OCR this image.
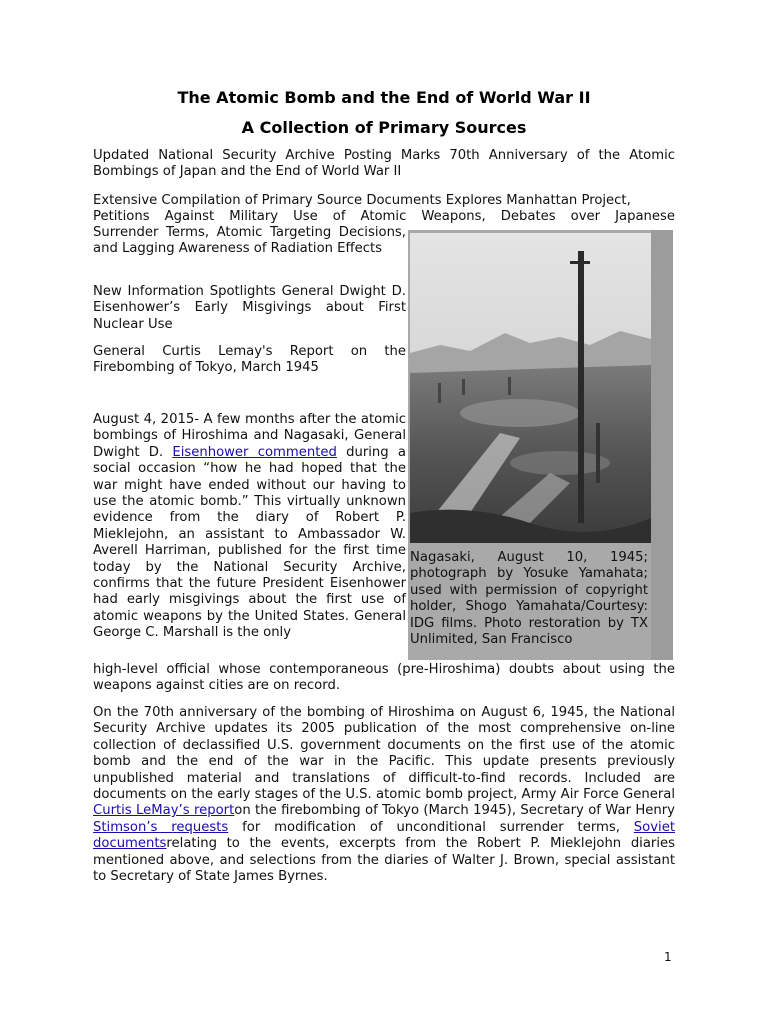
The Atomic Bomb and the End of World War II
A Collection of Primary Sources

Updated National Security Archive Posting Marks 70th Anniversary of the Atomic Bombings of Japan and the End of World War II

Extensive Compilation of Primary Source Documents Explores Manhattan Project,

Petitions Against Military Use of Atomic Weapons, Debates over Japanese

Surrender Terms, Atomic Targeting Decisions, and Lagging Awareness of Radiation Effects

New Information Spotlights General Dwight D. Eisenhower’s Early Misgivings about First Nuclear Use

General Curtis Lemay's Report on the Firebombing of Tokyo, March 1945

August 4, 2015- A few months after the atomic bombings of Hiroshima and Nagasaki, General Dwight D. Eisenhower commented during a social occasion “how he had hoped that the war might have ended without our having to use the atomic bomb.” This virtually unknown evidence from the diary of Robert P. Mieklejohn, an assistant to Ambassador W. Averell Harriman, published for the first time today by the National Security Archive, confirms that the future President Eisenhower had early misgivings about the first use of atomic weapons by the United States. General George C. Marshall is the only

high-level official whose contemporaneous (pre-Hiroshima) doubts about using the weapons against cities are on record.

On the 70th anniversary of the bombing of Hiroshima on August 6, 1945, the National Security Archive updates its 2005 publication of the most comprehensive on-line collection of declassified U.S. government documents on the first use of the atomic bomb and the end of the war in the Pacific. This update presents previously unpublished material and translations of difficult-to-find records. Included are documents on the early stages of the U.S. atomic bomb project, Army Air Force General Curtis LeMay’s reporton the firebombing of Tokyo (March 1945), Secretary of War Henry Stimson’s requests for modification of unconditional surrender terms, Soviet documentsrelating to the events, excerpts from the Robert P. Mieklejohn diaries mentioned above, and selections from the diaries of Walter J. Brown, special assistant to Secretary of State James Byrnes.

Nagasaki, August 10, 1945; photograph by Yosuke Yamahata; used with permission of copyright holder, Shogo Yamahata/Courtesy: IDG films. Photo restoration by TX Unlimited, San Francisco

1
